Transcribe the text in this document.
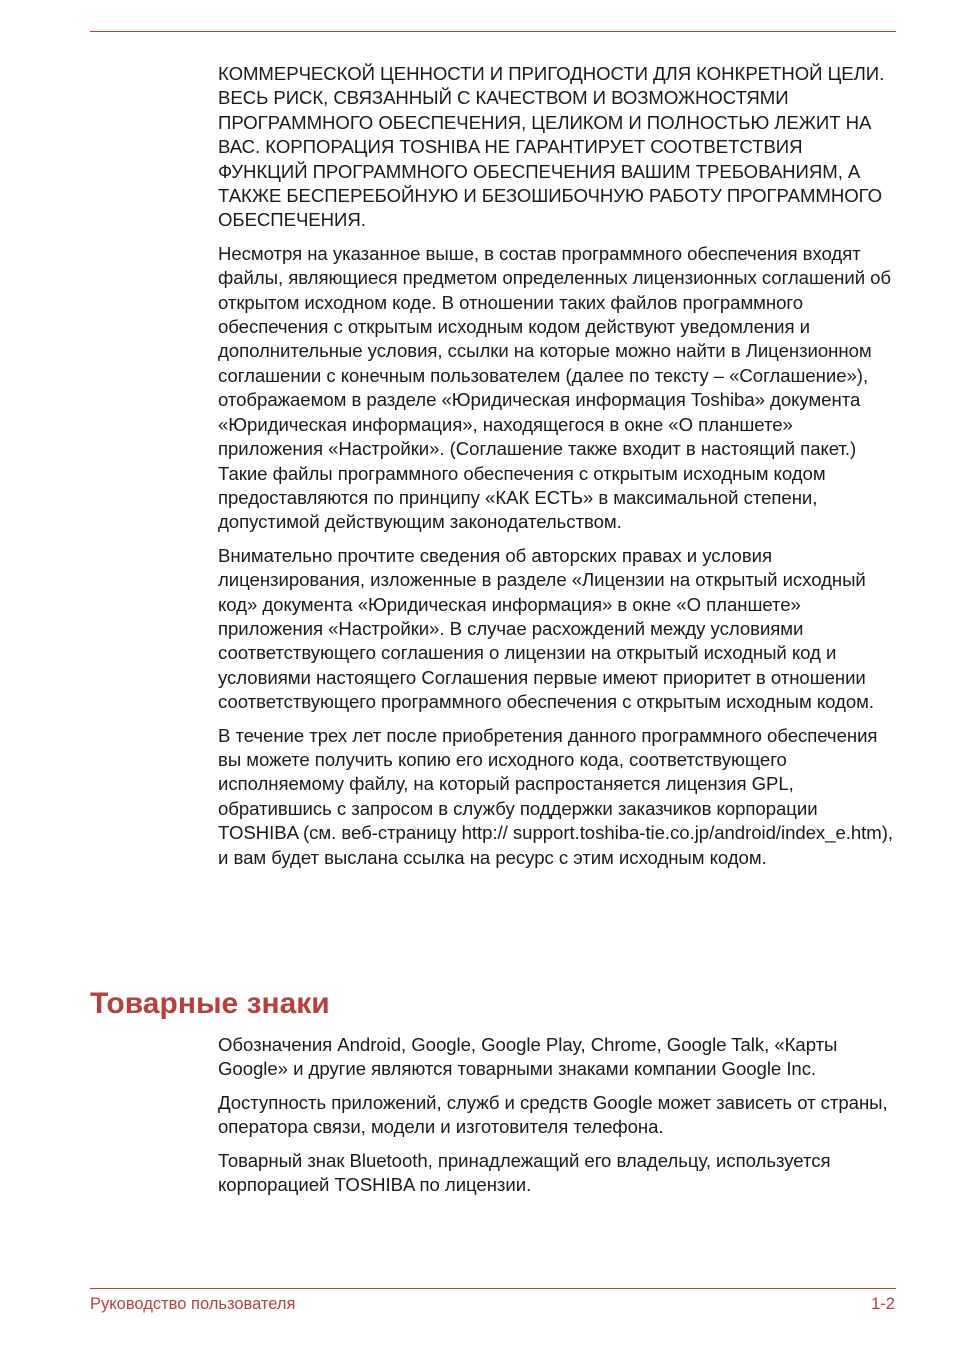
КОММЕРЧЕСКОЙ ЦЕННОСТИ И ПРИГОДНОСТИ ДЛЯ КОНКРЕТНОЙ ЦЕЛИ. ВЕСЬ РИСК, СВЯЗАННЫЙ С КАЧЕСТВОМ И ВОЗМОЖНОСТЯМИ ПРОГРАММНОГО ОБЕСПЕЧЕНИЯ, ЦЕЛИКОМ И ПОЛНОСТЬЮ ЛЕЖИТ НА ВАС. КОРПОРАЦИЯ TOSHIBA НЕ ГАРАНТИРУЕТ СООТВЕТСТВИЯ ФУНКЦИЙ ПРОГРАММНОГО ОБЕСПЕЧЕНИЯ ВАШИМ ТРЕБОВАНИЯМ, А ТАКЖЕ БЕСПЕРЕБОЙНУЮ И БЕЗОШИБОЧНУЮ РАБОТУ ПРОГРАММНОГО ОБЕСПЕЧЕНИЯ.

Несмотря на указанное выше, в состав программного обеспечения входят файлы, являющиеся предметом определенных лицензионных соглашений об открытом исходном коде. В отношении таких файлов программного обеспечения с открытым исходным кодом действуют уведомления и дополнительные условия, ссылки на которые можно найти в Лицензионном соглашении с конечным пользователем (далее по тексту – «Соглашение»), отображаемом в разделе «Юридическая информация Toshiba» документа «Юридическая информация», находящегося в окне «О планшете» приложения «Настройки». (Соглашение также входит в настоящий пакет.) Такие файлы программного обеспечения с открытым исходным кодом предоставляются по принципу «КАК ЕСТЬ» в максимальной степени, допустимой действующим законодательством.

Внимательно прочтите сведения об авторских правах и условия лицензирования, изложенные в разделе «Лицензии на открытый исходный код» документа «Юридическая информация» в окне «О планшете» приложения «Настройки». В случае расхождений между условиями соответствующего соглашения о лицензии на открытый исходный код и условиями настоящего Соглашения первые имеют приоритет в отношении соответствующего программного обеспечения с открытым исходным кодом.

В течение трех лет после приобретения данного программного обеспечения вы можете получить копию его исходного кода, соответствующего исполняемому файлу, на который распростаняется лицензия GPL, обратившись с запросом в службу поддержки заказчиков корпорации TOSHIBA (см. веб-страницу http:// support.toshiba-tie.co.jp/android/index_e.htm), и вам будет выслана ссылка на ресурс с этим исходным кодом.

Товарные знаки

Обозначения Android, Google, Google Play, Chrome, Google Talk, «Карты Google» и другие являются товарными знаками компании Google Inc.

Доступность приложений, служб и средств Google может зависеть от страны, оператора связи, модели и изготовителя телефона.

Товарный знак Bluetooth, принадлежащий его владельцу, используется корпорацией TOSHIBA по лицензии.

Руководство пользователя	1-2
